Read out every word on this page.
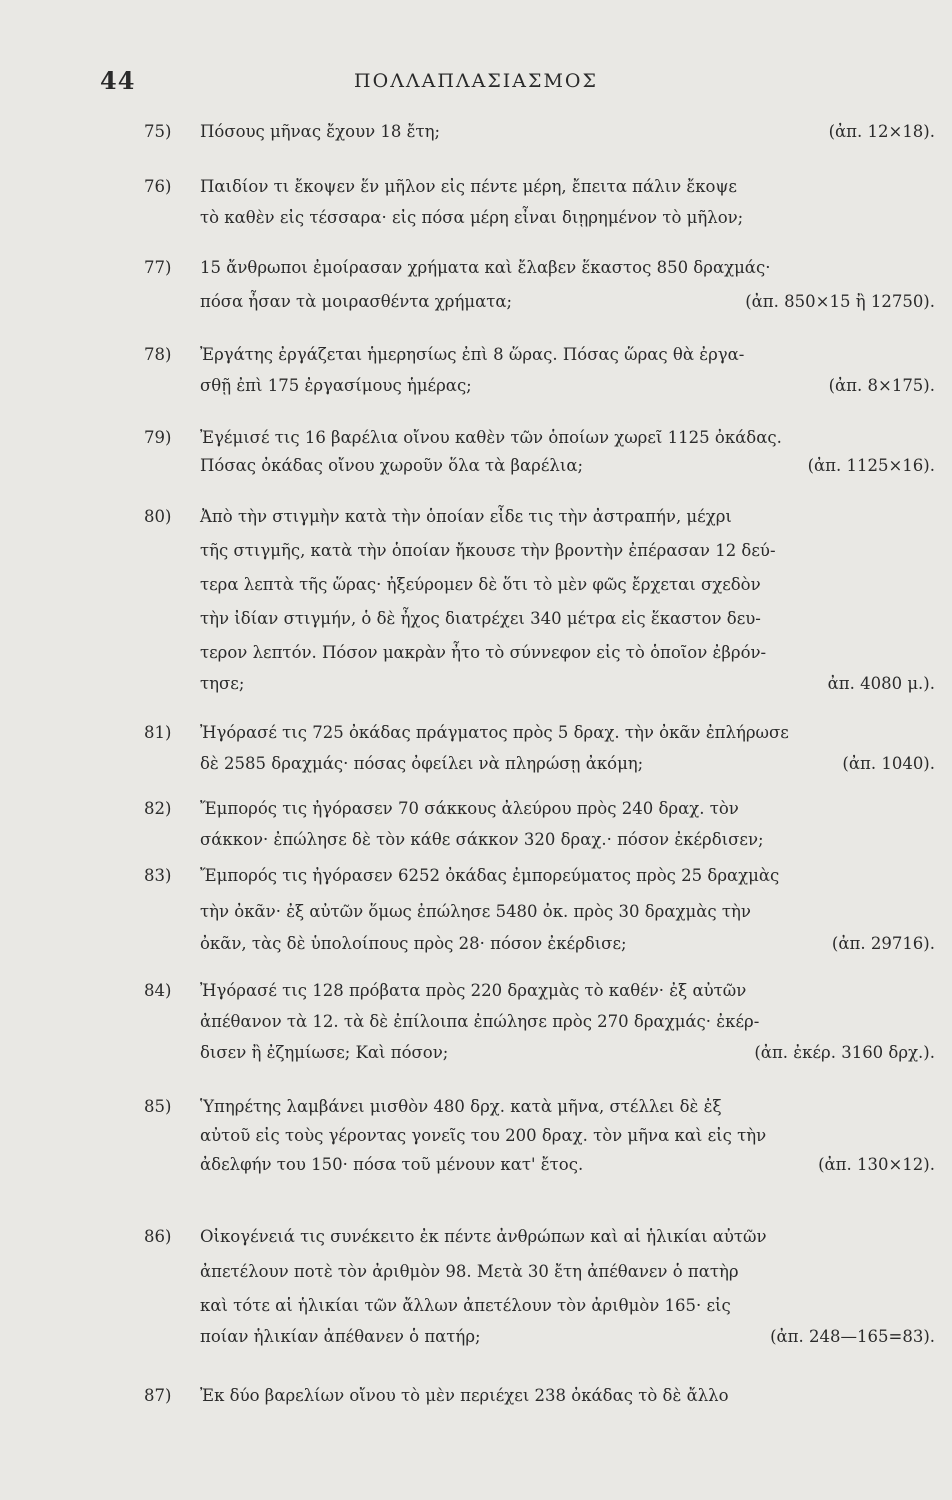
44	ΠΟΛΛΑΠΛΑΣΙΑΣΜΟΣ
75) Πόσους μῆνας ἔχουν 18 ἔτη;	(ἀπ. 12×18).
76) Παιδίον τι ἔκοψεν ἕν μῆλον εἰς πέντε μέρη, ἔπειτα πάλιν ἔκοψε
τὸ καθὲν εἰς τέσσαρα· εἰς πόσα μέρη εἶναι διῃρημένον τὸ μῆλον;
77) 15 ἄνθρωποι ἐμοίρασαν χρήματα καὶ ἔλαβεν ἕκαστος 850 δραχμάς·
πόσα ἦσαν τὰ μοιρασθέντα χρήματα;	(ἀπ. 850×15 ἢ 12750).
78) Ἐργάτης ἐργάζεται ἡμερησίως ἐπὶ 8 ὥρας. Πόσας ὥρας θὰ ἐργα-
σθῇ ἐπὶ 175 ἐργασίμους ἡμέρας;	(ἀπ. 8×175).
79) Ἐγέμισέ τις 16 βαρέλια οἴνου καθὲν τῶν ὁποίων χωρεῖ 1125 ὀκάδας.
Πόσας ὀκάδας οἴνου χωροῦν ὅλα τὰ βαρέλια;	(ἀπ. 1125×16).
80) Ἀπὸ τὴν στιγμὴν κατὰ τὴν ὁποίαν εἶδε τις τὴν ἀστραπήν, μέχρι
τῆς στιγμῆς, κατὰ τὴν ὁποίαν ἤκουσε τὴν βροντὴν ἐπέρασαν 12 δεύ-
τερα λεπτὰ τῆς ὥρας· ἠξεύρομεν δὲ ὅτι τὸ μὲν φῶς ἔρχεται σχεδὸν
τὴν ἰδίαν στιγμήν, ὁ δὲ ἦχος διατρέχει 340 μέτρα εἰς ἕκαστον δευ-
τερον λεπτόν. Πόσον μακρὰν ἦτο τὸ σύννεφον εἰς τὸ ὁποῖον ἐβρόν-
τησε;	ἀπ. 4080 μ.).
81) Ἠγόρασέ τις 725 ὀκάδας πράγματος πρὸς 5 δραχ. τὴν ὀκᾶν ἐπλήρωσε
δὲ 2585 δραχμάς· πόσας ὀφείλει νὰ πληρώσῃ ἀκόμη;	(ἀπ. 1040).
82) Ἔμπορός τις ἠγόρασεν 70 σάκκους ἀλεύρου πρὸς 240 δραχ. τὸν
σάκκον· ἐπώλησε δὲ τὸν κάθε σάκκον 320 δραχ.· πόσον ἐκέρδισεν;
83) Ἔμπορός τις ἠγόρασεν 6252 ὀκάδας ἐμπορεύματος πρὸς 25 δραχμὰς
τὴν ὀκᾶν· ἐξ αὐτῶν ὅμως ἐπώλησε 5480 ὀκ. πρὸς 30 δραχμὰς τὴν
ὀκᾶν, τὰς δὲ ὑπολοίπους πρὸς 28· πόσον ἐκέρδισε;	(ἀπ. 29716).
84) Ἠγόρασέ τις 128 πρόβατα πρὸς 220 δραχμὰς τὸ καθέν· ἐξ αὐτῶν
ἀπέθανον τὰ 12. τὰ δὲ ἐπίλοιπα ἐπώλησε πρὸς 270 δραχμάς· ἐκέρ-
δισεν ἢ ἐζημίωσε; Καὶ πόσον;	(ἀπ. ἐκέρ. 3160 δρχ.).
85) Ὑπηρέτης λαμβάνει μισθὸν 480 δρχ. κατὰ μῆνα, στέλλει δὲ ἐξ
αὐτοῦ εἰς τοὺς γέροντας γονεῖς του 200 δραχ. τὸν μῆνα καὶ εἰς τὴν
ἀδελφήν του 150· πόσα τοῦ μένουν κατ' ἔτος.	(ἀπ. 130×12).
86) Οἰκογένειά τις συνέκειτο ἐκ πέντε ἀνθρώπων καὶ αἱ ἡλικίαι αὐτῶν
ἀπετέλουν ποτὲ τὸν ἀριθμὸν 98. Μετὰ 30 ἔτη ἀπέθανεν ὁ πατὴρ
καὶ τότε αἱ ἡλικίαι τῶν ἄλλων ἀπετέλουν τὸν ἀριθμὸν 165· εἰς
ποίαν ἡλικίαν ἀπέθανεν ὁ πατήρ;	(ἀπ. 248—165=83).
87) Ἐκ δύο βαρελίων οἴνου τὸ μὲν περιέχει 238 ὀκάδας τὸ δὲ ἄλλο
